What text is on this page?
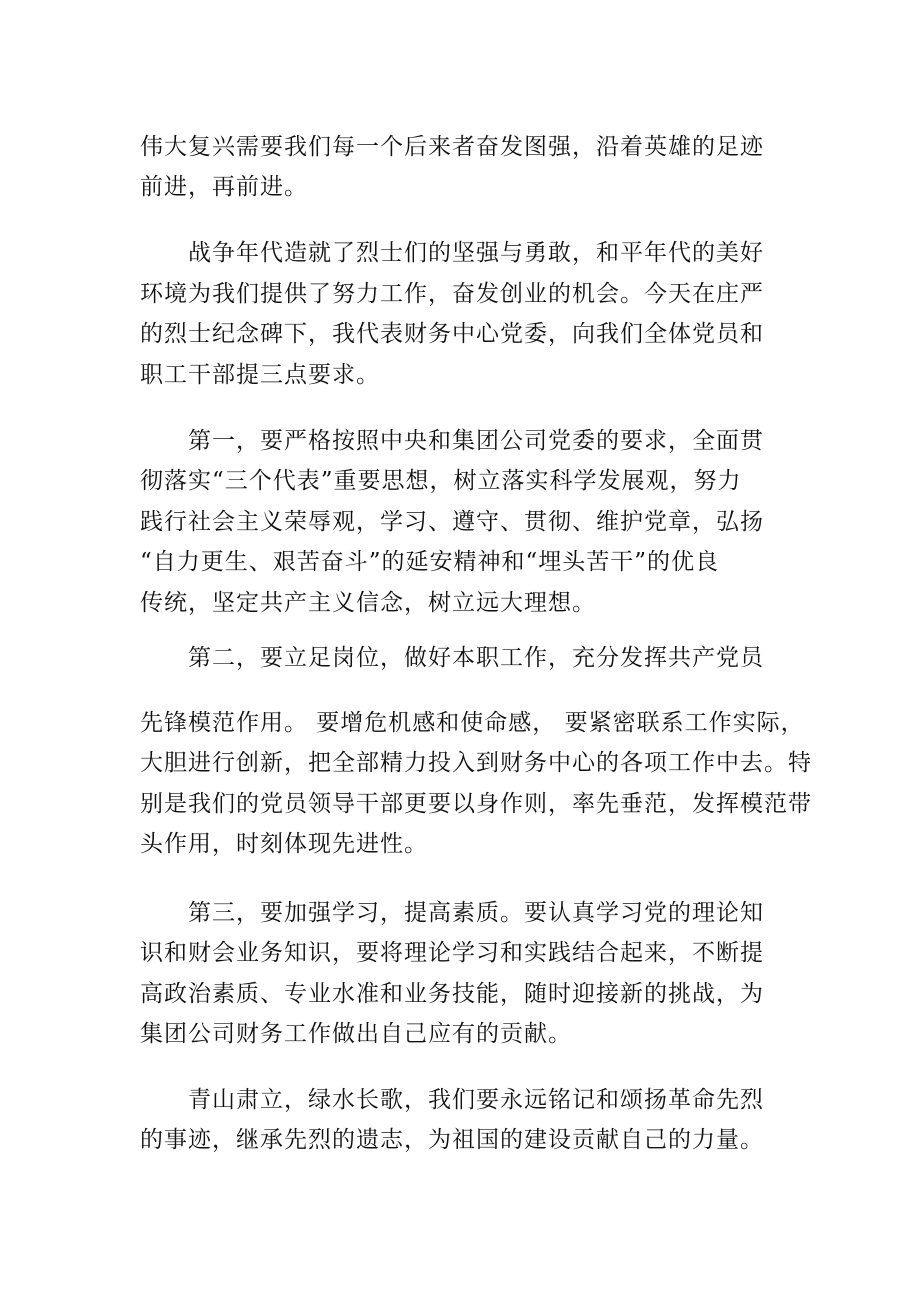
伟大复兴需要我们每一个后来者奋发图强，沿着英雄的足迹
前进，再前进。
战争年代造就了烈士们的坚强与勇敢，和平年代的美好
环境为我们提供了努力工作，奋发创业的机会。今天在庄严
的烈士纪念碑下，我代表财务中心党委，向我们全体党员和
职工干部提三点要求。
第一，要严格按照中央和集团公司党委的要求，全面贯
彻落实“三个代表”重要思想，树立落实科学发展观，努力
践行社会主义荣辱观，学习、遵守、贯彻、维护党章，弘扬
“自力更生、艰苦奋斗”的延安精神和“埋头苦干”的优良
传统，坚定共产主义信念，树立远大理想。
第二，要立足岗位，做好本职工作，充分发挥共产党员
先锋模范作用。 要增危机感和使命感， 要紧密联系工作实际，
大胆进行创新，把全部精力投入到财务中心的各项工作中去。特
别是我们的党员领导干部更要以身作则，率先垂范，发挥模范带
头作用，时刻体现先进性。
第三，要加强学习，提高素质。要认真学习党的理论知
识和财会业务知识，要将理论学习和实践结合起来，不断提
高政治素质、专业水准和业务技能，随时迎接新的挑战，为
集团公司财务工作做出自己应有的贡献。
青山肃立，绿水长歌，我们要永远铭记和颂扬革命先烈
的事迹，继承先烈的遗志，为祖国的建设贡献自己的力量。
